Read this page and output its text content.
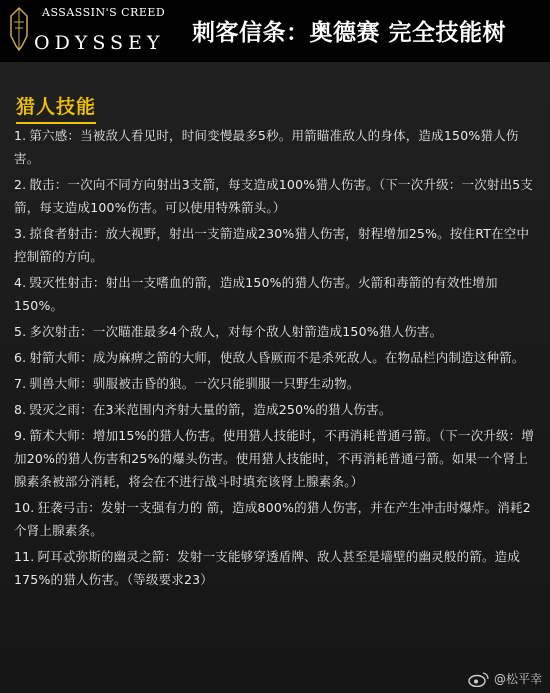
ASSASSIN'S CREED
ODYSSEY 刺客信条：奥德赛 完全技能树
猎人技能
1. 第六感：当被敌人看见时，时间变慢最多5秒。用箭瞄准敌人的身体，造成150%猎人伤害。
2. 散击：一次向不同方向射出3支箭，每支造成100%猎人伤害。（下一次升级：一次射出5支箭，每支造成100%伤害。可以使用特殊箭头。）
3. 掠食者射击：放大视野，射出一支箭造成230%猎人伤害，射程增加25%。按住RT在空中控制箭的方向。
4. 毁灭性射击：射出一支嗜血的箭，造成150%的猎人伤害。火箭和毒箭的有效性增加150%。
5. 多次射击：一次瞄准最多4个敌人，对每个敌人射箭造成150%猎人伤害。
6. 射箭大师：成为麻痹之箭的大师，使敌人昏厥而不是杀死敌人。在物品栏内制造这种箭。
7. 驯兽大师：驯服被击昏的狼。一次只能驯服一只野生动物。
8. 毁灭之雨：在3米范围内齐射大量的箭，造成250%的猎人伤害。
9. 箭术大师：增加15%的猎人伤害。使用猎人技能时，不再消耗普通弓箭。（下一次升级：增加20%的猎人伤害和25%的爆头伤害。使用猎人技能时，不再消耗普通弓箭。如果一个肾上腺素条被部分消耗，将会在不进行战斗时填充该肾上腺素条。）
10. 狂袭弓击：发射一支强有力的 箭，造成800%的猎人伤害，并在产生冲击时爆炸。消耗2个肾上腺素条。
11. 阿耳忒弥斯的幽灵之箭：发射一支能够穿透盾牌、敌人甚至是墙壁的幽灵般的箭。造成175%的猎人伤害。（等级要求23）
@松平幸
